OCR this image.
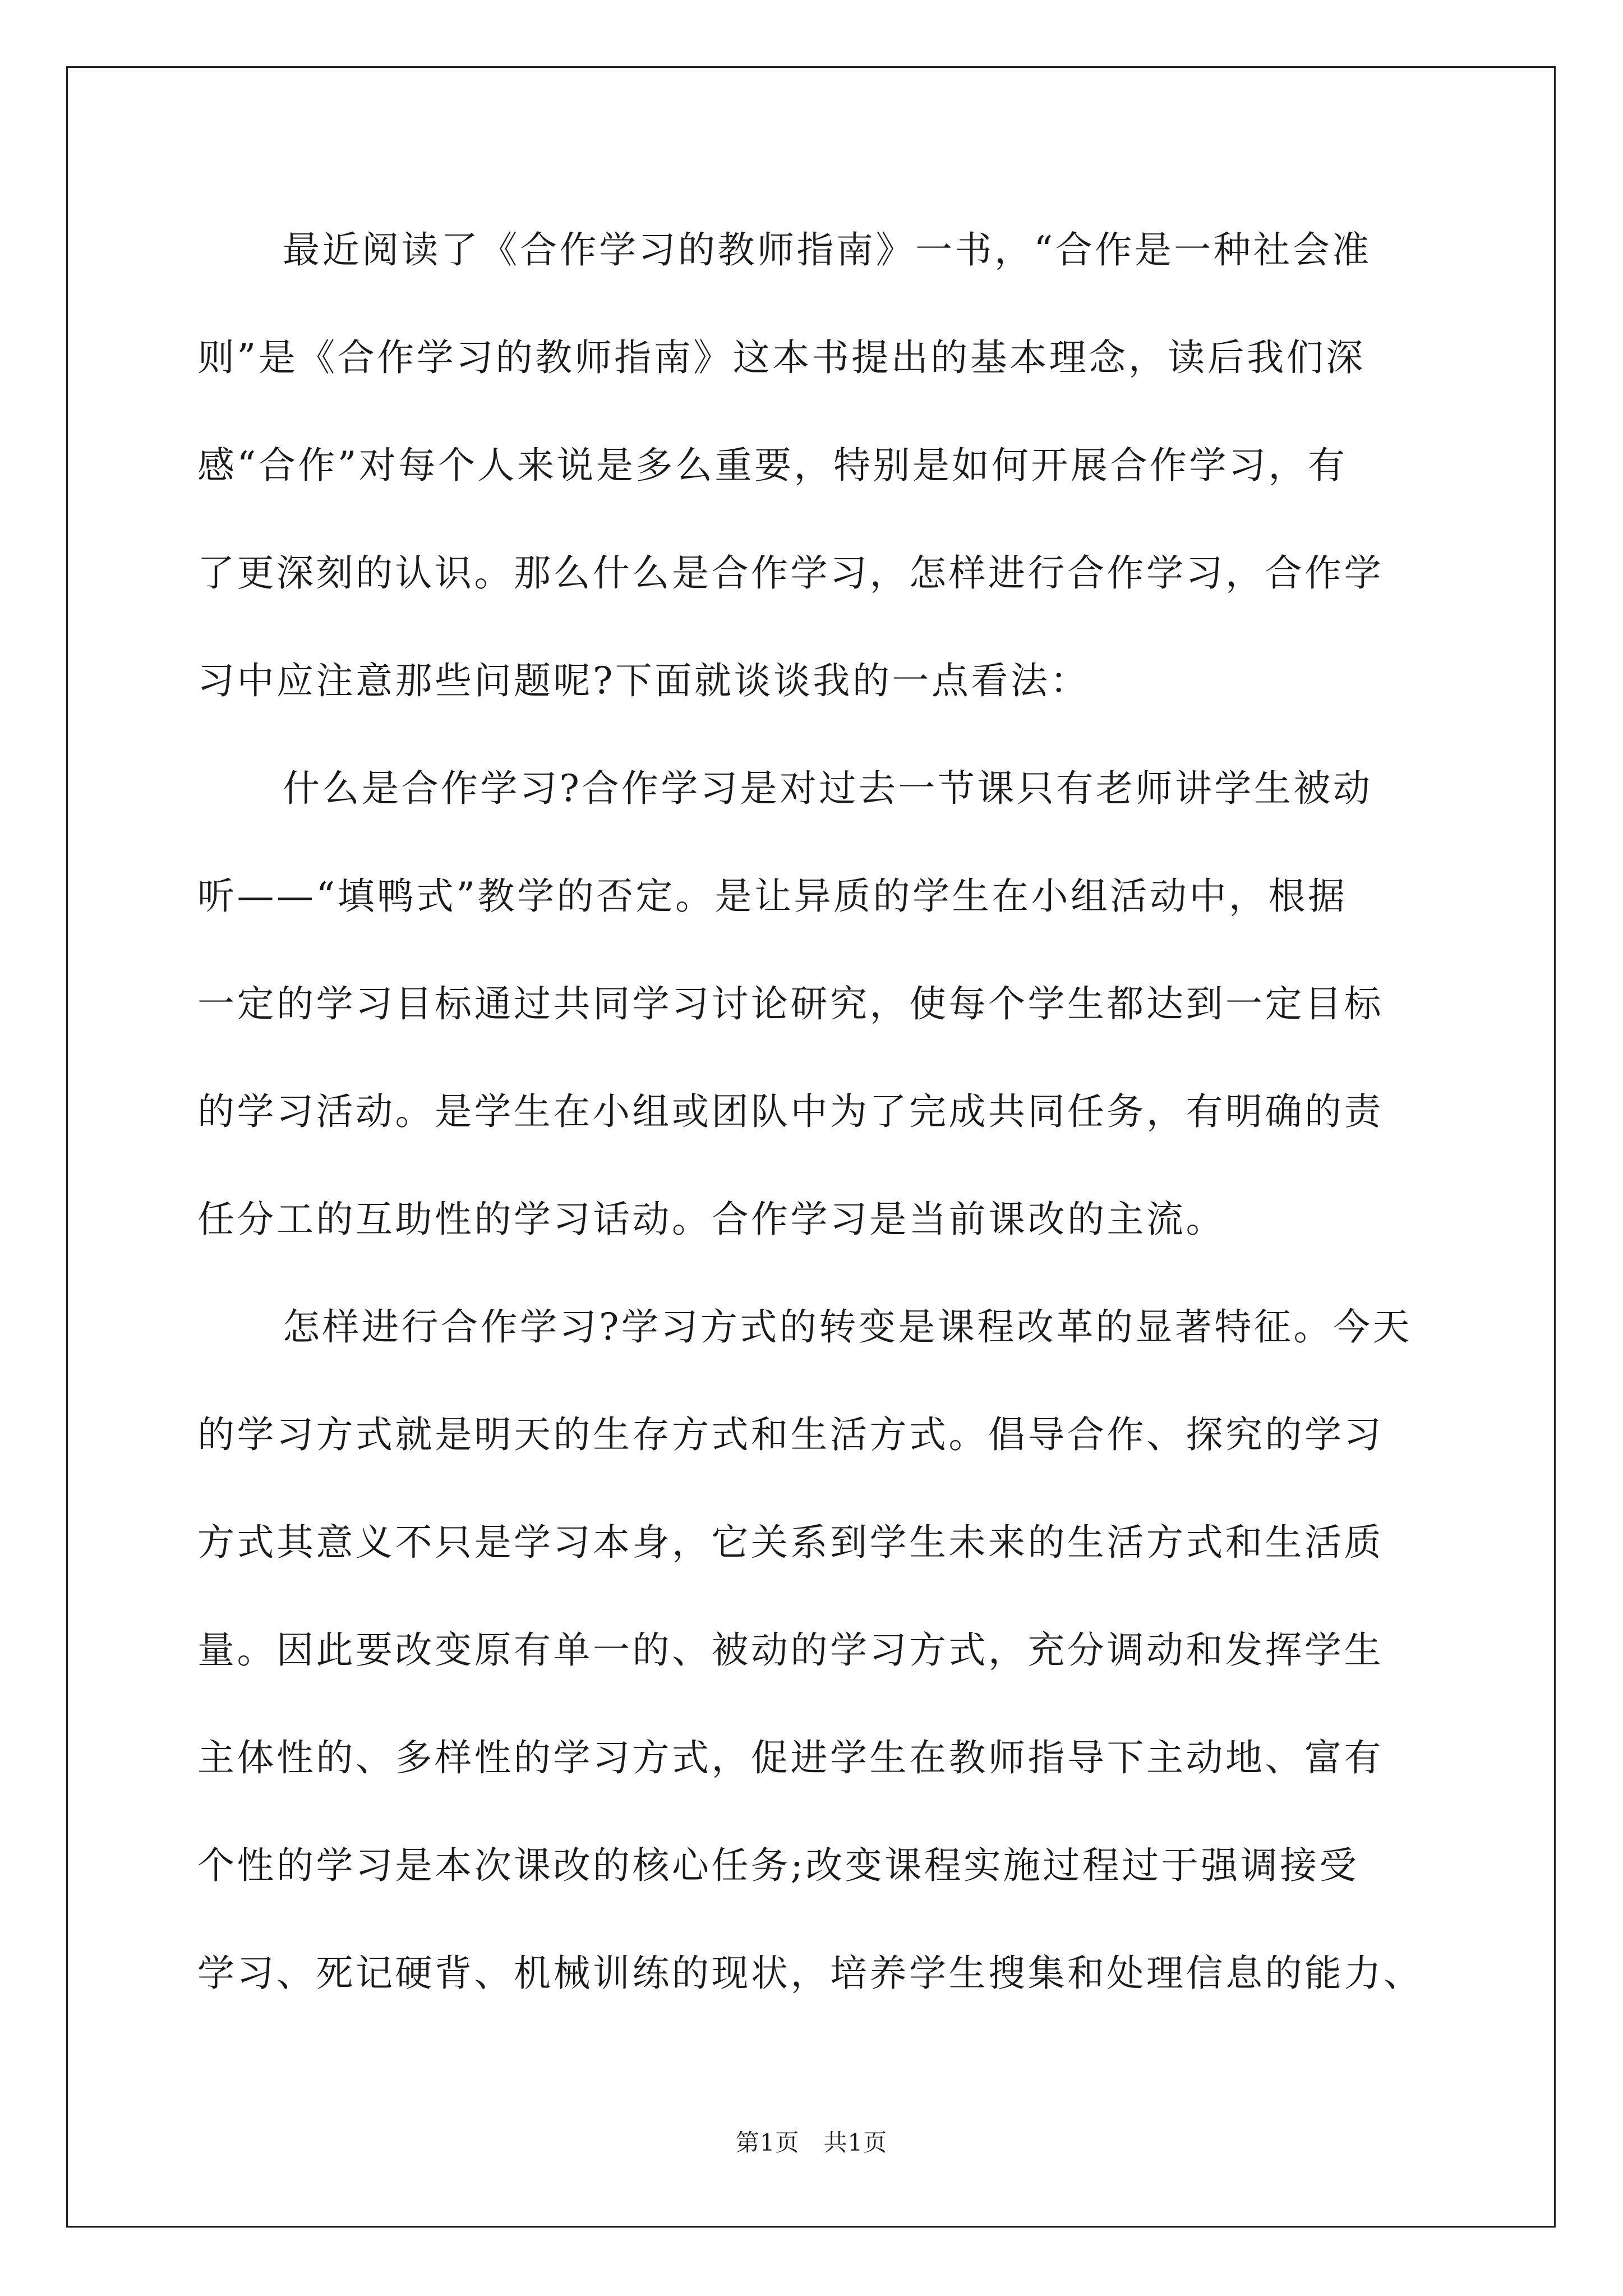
最近阅读了《合作学习的教师指南》一书，“合作是一种社会准
则”是《合作学习的教师指南》这本书提出的基本理念，读后我们深
感“合作”对每个人来说是多么重要，特别是如何开展合作学习，有
了更深刻的认识。那么什么是合作学习，怎样进行合作学习，合作学
习中应注意那些问题呢?下面就谈谈我的一点看法：
什么是合作学习?合作学习是对过去一节课只有老师讲学生被动
听——“填鸭式”教学的否定。是让异质的学生在小组活动中，根据
一定的学习目标通过共同学习讨论研究，使每个学生都达到一定目标
的学习活动。是学生在小组或团队中为了完成共同任务，有明确的责
任分工的互助性的学习话动。合作学习是当前课改的主流。
怎样进行合作学习?学习方式的转变是课程改革的显著特征。今天
的学习方式就是明天的生存方式和生活方式。倡导合作、探究的学习
方式其意义不只是学习本身，它关系到学生未来的生活方式和生活质
量。因此要改变原有单一的、被动的学习方式，充分调动和发挥学生
主体性的、多样性的学习方式，促进学生在教师指导下主动地、富有
个性的学习是本次课改的核心任务;改变课程实施过程过于强调接受
学习、死记硬背、机械训练的现状，培养学生搜集和处理信息的能力、
第1页　共1页
